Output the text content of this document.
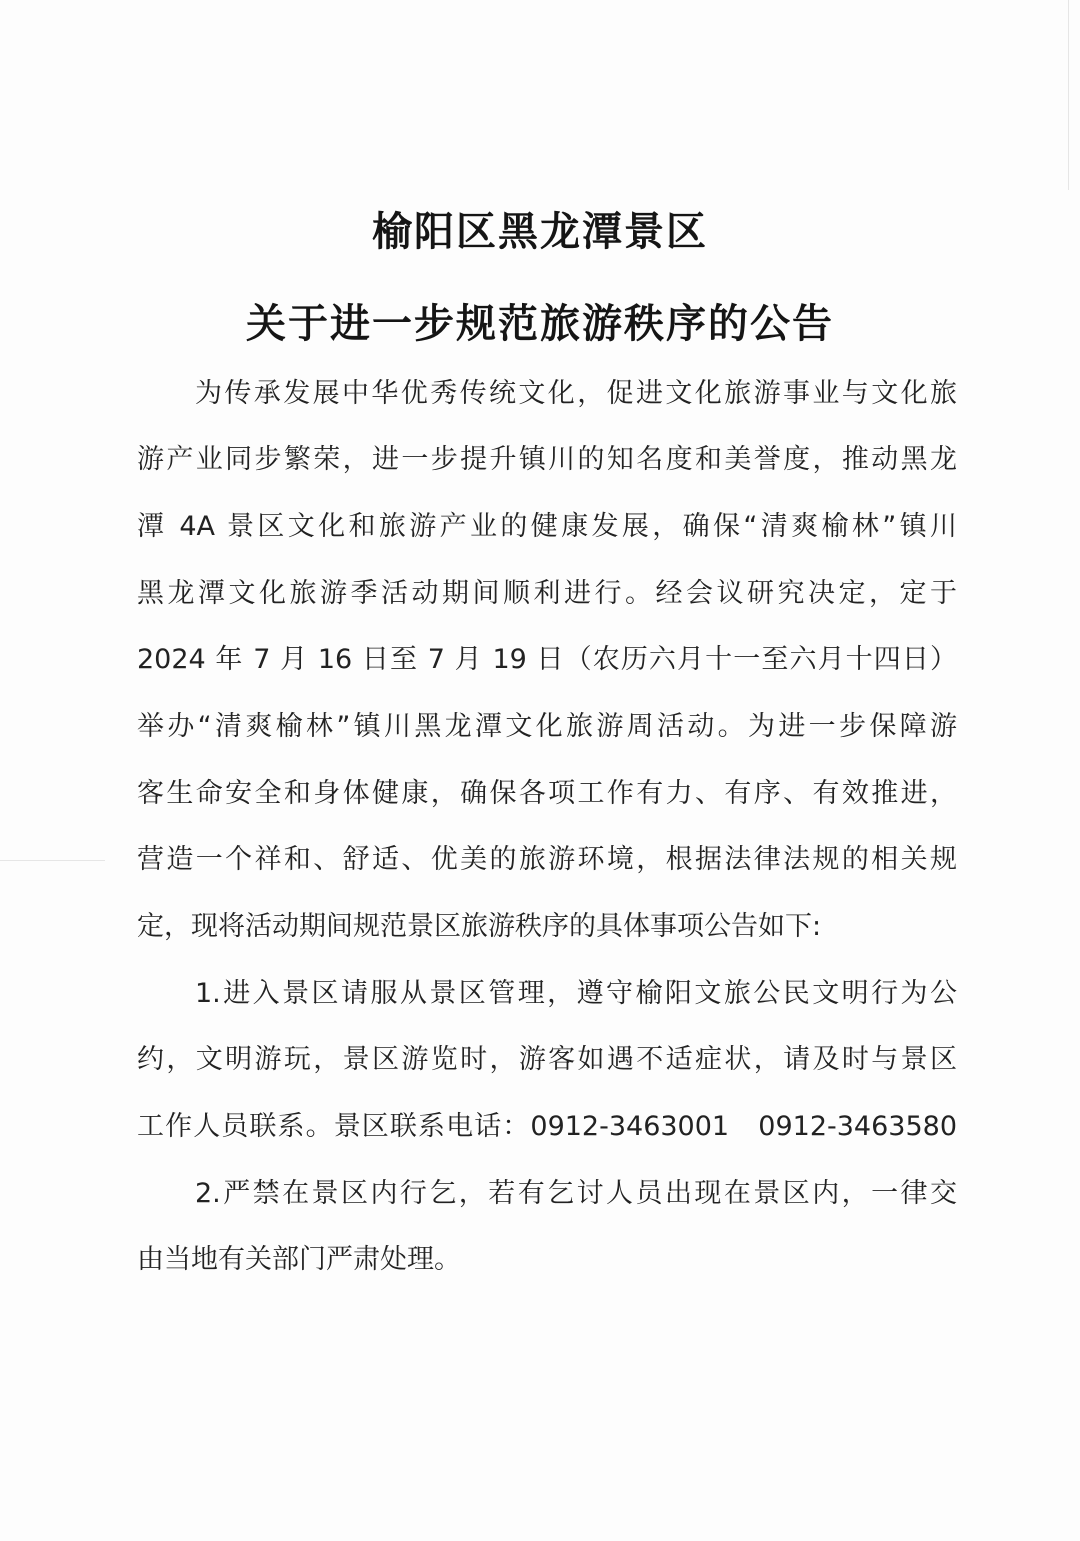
榆阳区黑龙潭景区
关于进一步规范旅游秩序的公告
为传承发展中华优秀传统文化，促进文化旅游事业与文化旅
游产业同步繁荣，进一步提升镇川的知名度和美誉度，推动黑龙
潭 4A 景区文化和旅游产业的健康发展，确保“清爽榆林”镇川
黑龙潭文化旅游季活动期间顺利进行。经会议研究决定，定于
2024 年 7 月 16 日至 7 月 19 日（农历六月十一至六月十四日）
举办“清爽榆林”镇川黑龙潭文化旅游周活动。为进一步保障游
客生命安全和身体健康，确保各项工作有力、有序、有效推进，
营造一个祥和、舒适、优美的旅游环境，根据法律法规的相关规
定，现将活动期间规范景区旅游秩序的具体事项公告如下:
1.进入景区请服从景区管理，遵守榆阳文旅公民文明行为公
约，文明游玩，景区游览时，游客如遇不适症状，请及时与景区
工作人员联系。景区联系电话：0912-3463001　0912-3463580
2.严禁在景区内行乞，若有乞讨人员出现在景区内，一律交
由当地有关部门严肃处理。
